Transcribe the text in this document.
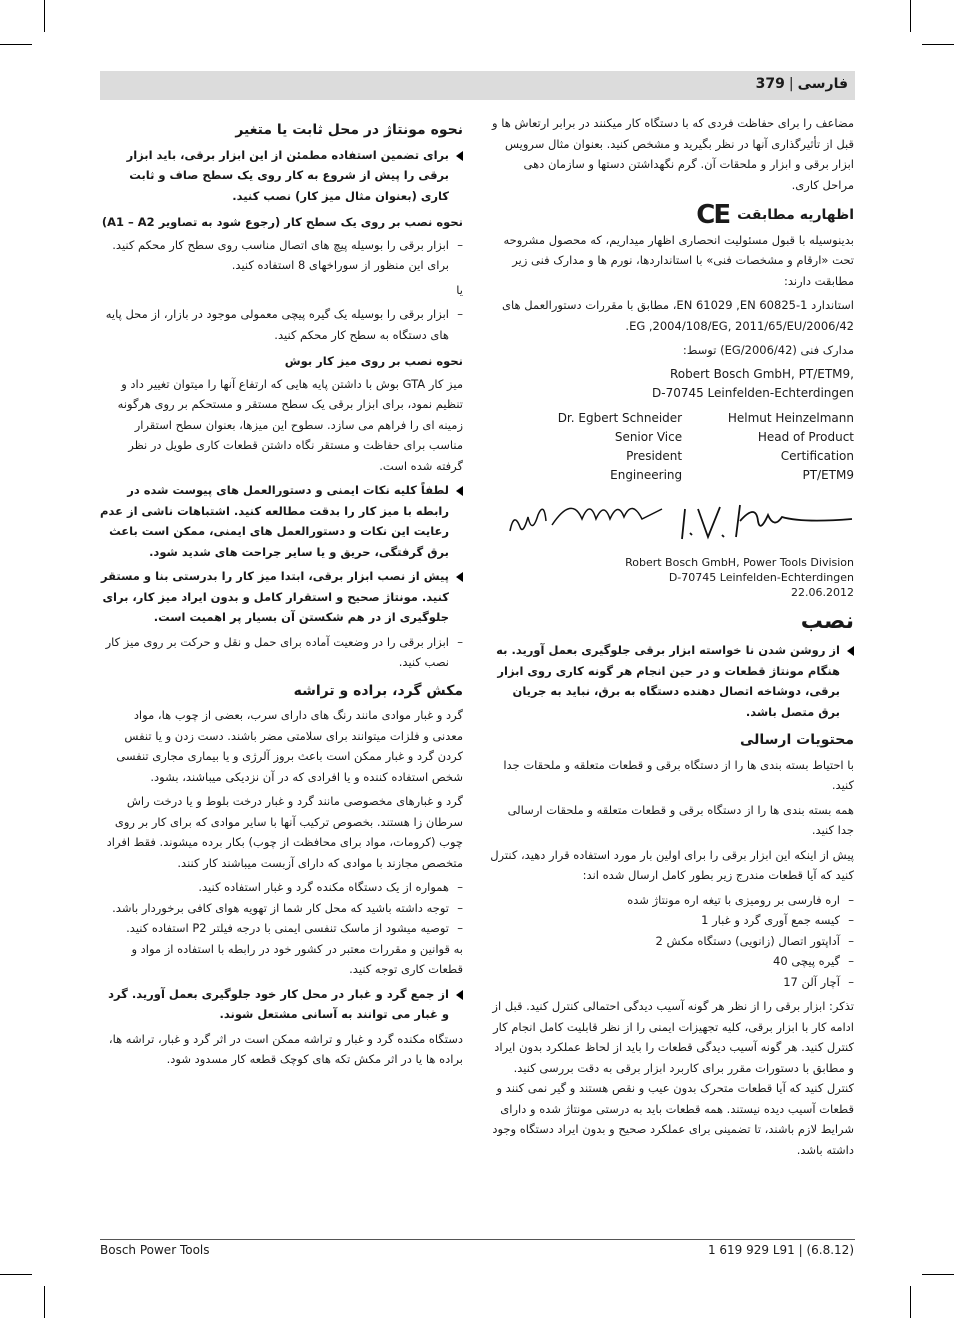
فارسی|379

مضاعف را برای حفاظت فردی که با دستگاه کار میکنند در برابر ارتعاش ها و قبل از تأثیرگذاری آنها در نظر بگیرید و مشخص کنید. بعنوان مثال سرویس ابزار برقی و ابزار و ملحقات آن. گرم نگهداشتن دستها و سازمان دهی مراحل کاری.

اظهاریه مطابقت
CE

بدینوسیله با قبول مسئولیت انحصاری اظهار میداریم، که محصول مشروحه تحت «ارقام و مشخصات فنی» با استانداردها، نورم ها و مدارک فنی زیر مطابقت دارند:

استاندارد EN 61029 ,EN 60825-1، مطابق با مقررات دستورالعمل های 2006/42/EG ,2004/108/EG, 2011/65/EU.

مدارک فنی (2006/42/EG) توسط:

Robert Bosch GmbH, PT/ETM9,
D-70745 Leinfelden-Echterdingen
Dr. Egbert Schneider
Senior Vice President
Engineering
Helmut Heinzelmann
Head of Product Certification
PT/ETM9
Robert Bosch GmbH, Power Tools Division
D-70745 Leinfelden-Echterdingen
22.06.2012
نصب

از روشن شدن نا خواسته ابزار برقی جلوگیری بعمل آورید. به هنگام مونتاژ قطعات و در حین انجام هر گونه کاری روی ابزار برقی، دوشاخه اتصال دهنده دستگاه به برق، نباید به جریان برق متصل باشد.

محتویات ارسالی

با احتیاط بسته بندی ها را از دستگاه برقی و قطعات متعلقه و ملحقات جدا کنید.

همه بسته بندی ها را از دستگاه برقی و قطعات متعلقه و ملحقات ارسالی جدا کنید.

پیش از اینکه این ابزار برقی را برای اولین بار مورد استفاده قرار دهید، کنترل کنید که آیا قطعات مندرج زیر بطور کامل ارسال شده اند:

– اره فارسی بر رومیزی با تیغه اره مونتاژ شده
– کیسه جمع آوری گرد و غبار 1
– آداپتور اتصال (زانویی) دستگاه مکش 2
– گیره پیچی 40
– آچار آلن 17

تذکر: ابزار برقی را از نظر هر گونه آسیب دیدگی احتمالی کنترل کنید. قبل از ادامه کار با ابزار برقی، کلیه تجهیزات ایمنی را از نظر قابلیت کامل انجام کار کنترل کنید. هر گونه آسیب دیدگی قطعات را باید از لحاظ عملکرد بدون ایراد و مطابق با دستورات مقرر برای کاربرد ابزار برقی به دقت بررسی کنید. کنترل کنید که آیا قطعات متحرک بدون عیب و نقص هستند و گیر نمی کنند و قطعات آسیب دیده نیستند. همه قطعات باید به درستی مونتاژ شده و دارای شرایط لازم باشند، تا تضمینی برای عملکرد صحیح و بدون ایراد دستگاه وجود داشته باشد.

نحوه مونتاژ در محل ثابت یا متغیر

برای تضمین استفاده مطمئن از این ابزار برقی، باید ابزار برقی را پیش از شروع به کار روی یک سطح صاف و ثابت کاری (بعنوان مثال میز کار) نصب کنید.

نحوه نصب بر روی یک سطح کار (رجوع شود به تصاویر A1 – A2)

– ابزار برقی را بوسیله پیچ های اتصال مناسب روی سطح کار محکم کنید. برای این منظور از سوراخهای 8 استفاده کنید.

یا

– ابزار برقی را بوسیله یک گیره پیچی معمولی موجود در بازار، از محل پایه های دستگاه به سطح کار محکم کنید.

نحوه نصب بر روی میز کار بوش

میز کار GTA بوش با داشتن پایه هایی که ارتفاع آنها را میتوان تغییر داد و تنظیم نمود، برای ابزار برقی یک سطح مستقر و مستحکم بر روی هرگونه زمینه ای را فراهم می سازد. سطوح این میزها، بعنوان سطح استقرار مناسب برای حفاظت و مستقر نگاه داشتن قطعات کاری طویل در نظر گرفته شده است.

لطفاً کلیه نکات ایمنی و دستورالعمل های پیوست شده در رابطه با میز کار را بدقت مطالعه کنید. اشتباهات ناشی از عدم رعایت این نکات و دستورالعمل های ایمنی، ممکن است باعث برق گرفتگی، حریق و یا سایر جراحت های شدید شود.

پیش از نصب ابزار برقی، ابتدا میز کار را بدرستی بنا و مستقر کنید. مونتاژ صحیح و استقرار کامل و بدون ایراد میز کار، برای جلوگیری از در هم شکستن آن بسیار پر اهمیت است.

– ابزار برقی را در وضعیت آماده برای حمل و نقل و حرکت بر روی میز کار نصب کنید.

مکش گرد، براده و تراشه

گرد و غبار موادی مانند رنگ های دارای سرب، بعضی از چوب ها، مواد معدنی و فلزات میتوانند برای سلامتی مضر باشند. دست زدن و یا تنفس کردن گرد و غبار ممکن است باعث بروز آلرژی و یا بیماری مجاری تنفسی شخص استفاده کننده و یا افرادی که در آن نزدیکی میباشند، بشود.

گرد و غبارهای مخصوصی مانند گرد و غبار درخت بلوط و یا درخت راش سرطان زا هستند. بخصوص ترکیب آنها با سایر موادی که برای کار بر روی چوب (کرومات، مواد برای محافظت از چوب) بکار برده میشوند. فقط افراد متخصص مجازند با موادی که دارای آزبست میباشند کار کنند.

– همواره از یک دستگاه مکنده گرد و غبار استفاده کنید.
– توجه داشته باشید که محل کار شما از تهویه هوای کافی برخوردار باشد.
– توصیه میشود از ماسک تنفسی ایمنی با درجه فیلتر P2 استفاده کنید.

به قوانین و مقررات معتبر در کشور خود در رابطه با استفاده از مواد و قطعات کاری توجه کنید.

از جمع گرد و غبار در محل کار خود جلوگیری بعمل آورید. گرد و غبار می توانند به آسانی مشتعل شوند.

دستگاه مکنده گرد و غبار و تراشه ممکن است در اثر گرد و غبار، تراشه ها، براده ها یا در اثر مکش تکه های کوچک قطعه کار مسدود شود.

Bosch Power Tools	1 619 929 L91 | (6.8.12)
